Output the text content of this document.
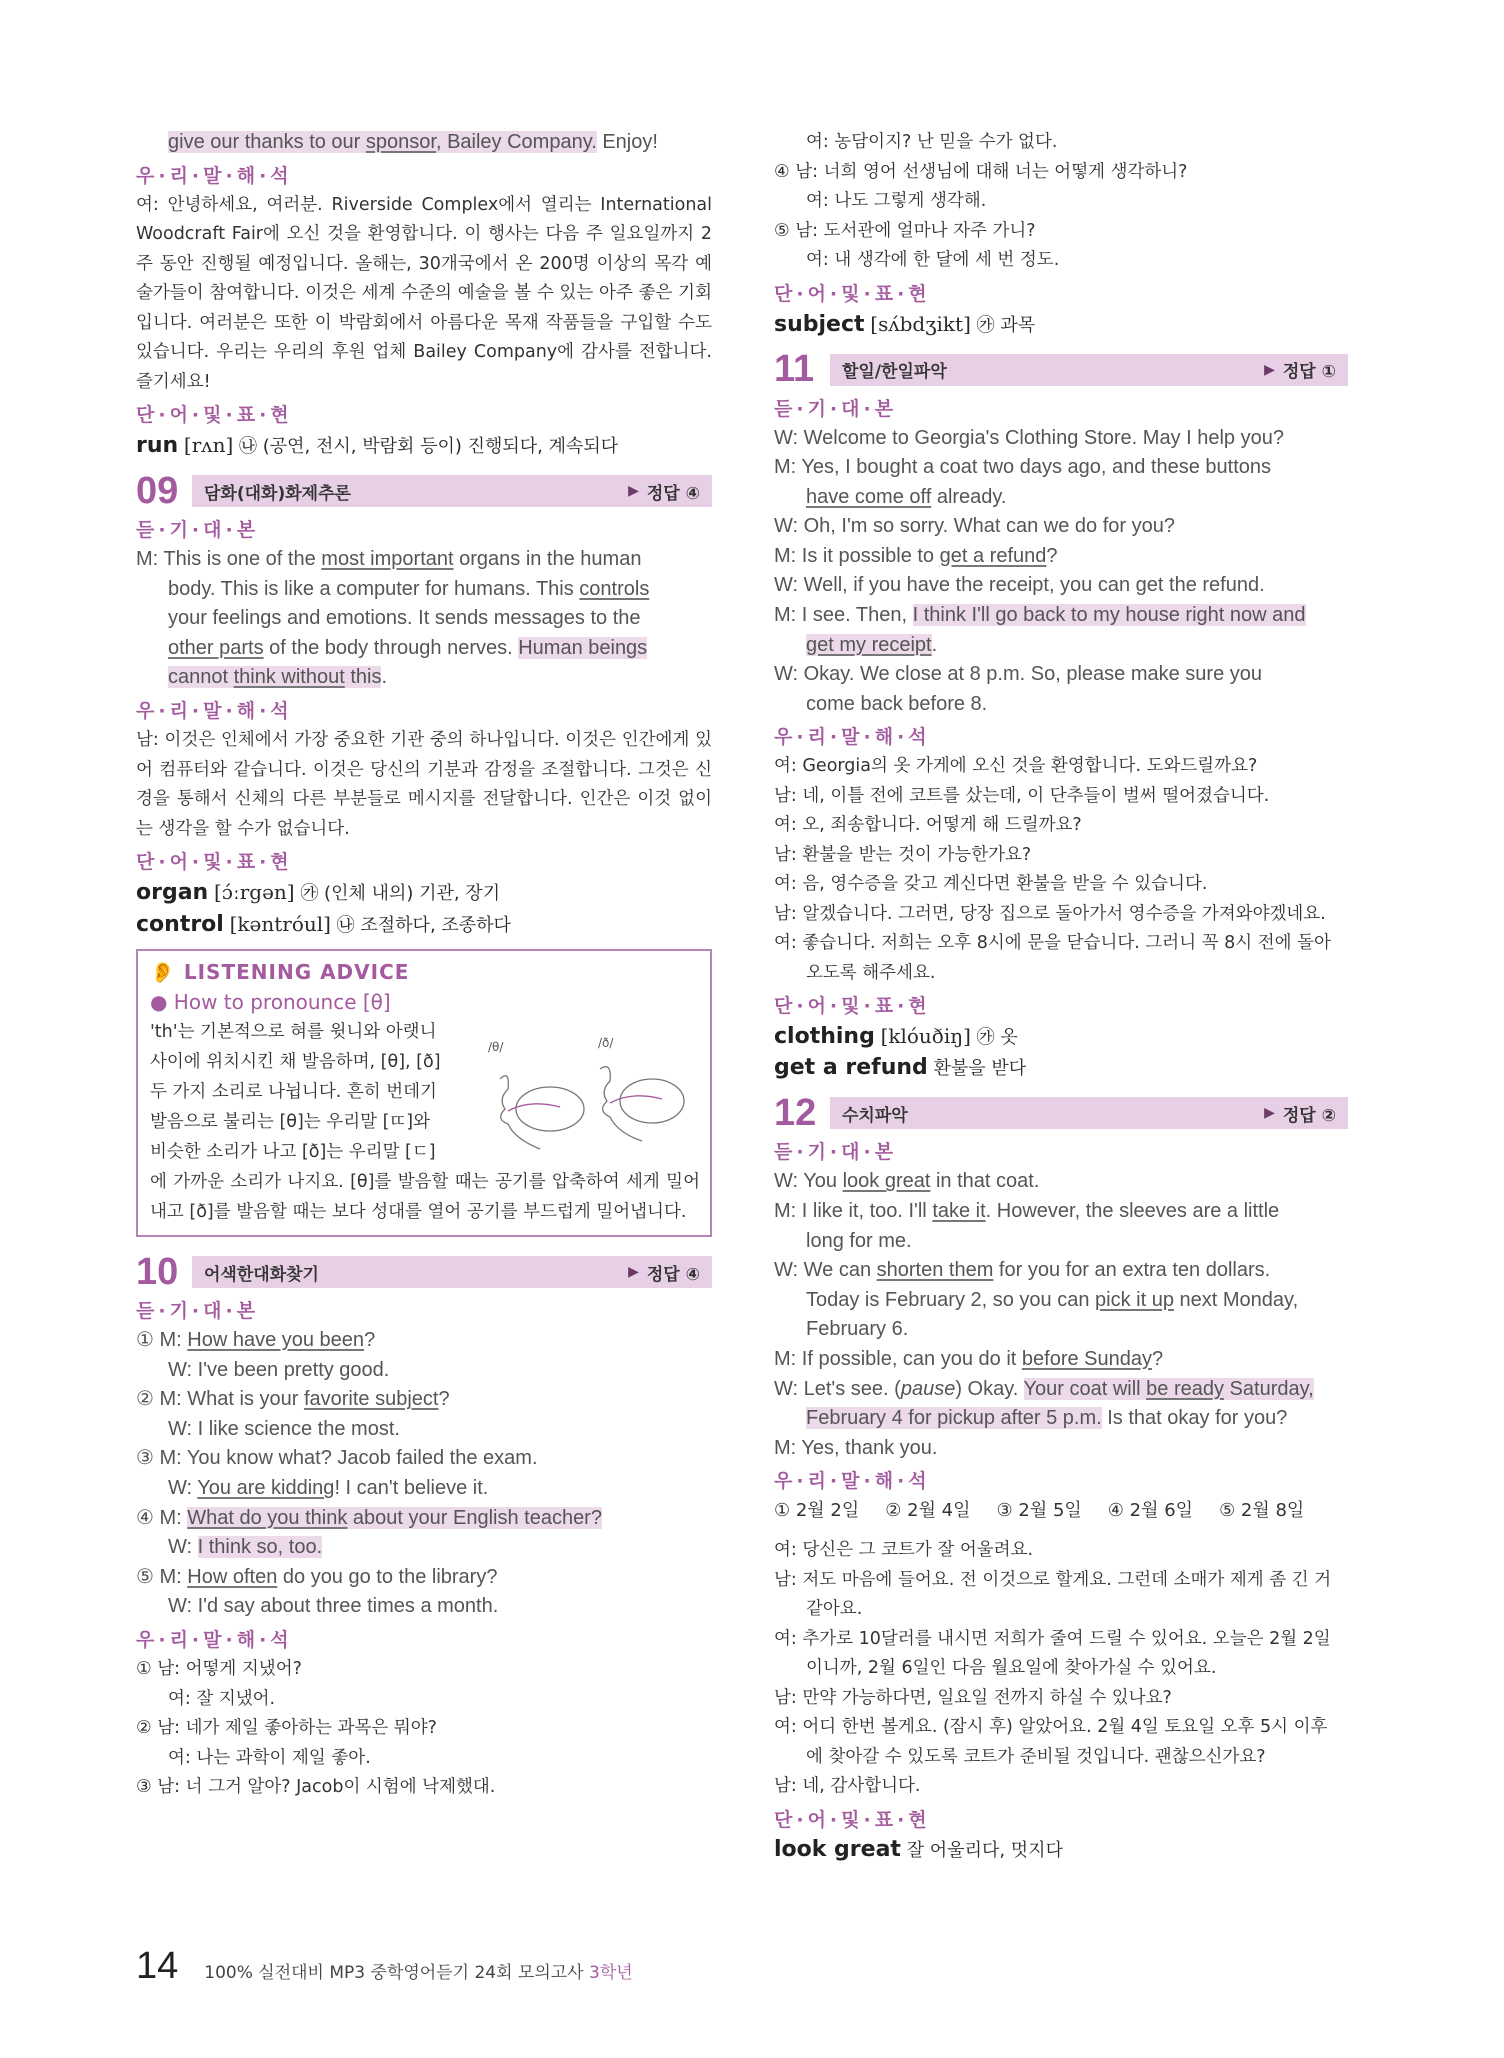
give our thanks to our sponsor, Bailey Company. Enjoy!
우·리·말·해·석
여: 안녕하세요, 여러분. Riverside Complex에서 열리는 International Woodcraft Fair에 오신 것을 환영합니다. 이 행사는 다음 주 일요일까지 2주 동안 진행될 예정입니다. 올해는, 30개국에서 온 200명 이상의 목각 예술가들이 참여합니다. 이것은 세계 수준의 예술을 볼 수 있는 아주 좋은 기회입니다. 여러분은 또한 이 박람회에서 아름다운 목재 작품들을 구입할 수도 있습니다. 우리는 우리의 후원 업체 Bailey Company에 감사를 전합니다. 즐기세요!
단·어·및·표·현
run [rʌn] ㉯ (공연, 전시, 박람회 등이) 진행되다, 계속되다
09	담화(대화)화제추론	▶ 정답 ④
듣·기·대·본
M: This is one of the most important organs in the human
body. This is like a computer for humans. This controls
your feelings and emotions. It sends messages to the
other parts of the body through nerves. Human beings
cannot think without this.
우·리·말·해·석
남: 이것은 인체에서 가장 중요한 기관 중의 하나입니다. 이것은 인간에게 있어 컴퓨터와 같습니다. 이것은 당신의 기분과 감정을 조절합니다. 그것은 신경을 통해서 신체의 다른 부분들로 메시지를 전달합니다. 인간은 이것 없이는 생각을 할 수가 없습니다.
단·어·및·표·현
organ [ɔ́ːrgən] ㉮ (인체 내의) 기관, 장기
control [kəntróul] ㉯ 조절하다, 조종하다
👂 LISTENING ADVICE
● How to pronounce [θ]
'th'는 기본적으로 혀를 윗니와 아랫니
사이에 위치시킨 채 발음하며, [θ], [ð]
두 가지 소리로 나뉩니다. 흔히 번데기
발음으로 불리는 [θ]는 우리말 [ㄸ]와
비슷한 소리가 나고 [ð]는 우리말 [ㄷ]
에 가까운 소리가 나지요. [θ]를 발음할 때는 공기를 압축하여 세게 밀어내고 [ð]를 발음할 때는 보다 성대를 열어 공기를 부드럽게 밀어냅니다.
/θ/	/ð/
10	어색한대화찾기	▶ 정답 ④
듣·기·대·본
① M: How have you been?
W: I've been pretty good.
② M: What is your favorite subject?
W: I like science the most.
③ M: You know what? Jacob failed the exam.
W: You are kidding! I can't believe it.
④ M: What do you think about your English teacher?
W: I think so, too.
⑤ M: How often do you go to the library?
W: I'd say about three times a month.
우·리·말·해·석
① 남: 어떻게 지냈어?
여: 잘 지냈어.
② 남: 네가 제일 좋아하는 과목은 뭐야?
여: 나는 과학이 제일 좋아.
③ 남: 너 그거 알아? Jacob이 시험에 낙제했대.
여: 농담이지? 난 믿을 수가 없다.
④ 남: 너희 영어 선생님에 대해 너는 어떻게 생각하니?
여: 나도 그렇게 생각해.
⑤ 남: 도서관에 얼마나 자주 가니?
여: 내 생각에 한 달에 세 번 정도.
단·어·및·표·현
subject [sʌ́bdʒikt] ㉮ 과목
11	할일/한일파악	▶ 정답 ①
듣·기·대·본
W: Welcome to Georgia's Clothing Store. May I help you?
M: Yes, I bought a coat two days ago, and these buttons
have come off already.
W: Oh, I'm so sorry. What can we do for you?
M: Is it possible to get a refund?
W: Well, if you have the receipt, you can get the refund.
M: I see. Then, I think I'll go back to my house right now and
get my receipt.
W: Okay. We close at 8 p.m. So, please make sure you
come back before 8.
우·리·말·해·석
여: Georgia의 옷 가게에 오신 것을 환영합니다. 도와드릴까요?
남: 네, 이틀 전에 코트를 샀는데, 이 단추들이 벌써 떨어졌습니다.
여: 오, 죄송합니다. 어떻게 해 드릴까요?
남: 환불을 받는 것이 가능한가요?
여: 음, 영수증을 갖고 계신다면 환불을 받을 수 있습니다.
남: 알겠습니다. 그러면, 당장 집으로 돌아가서 영수증을 가져와야겠네요.
여: 좋습니다. 저희는 오후 8시에 문을 닫습니다. 그러니 꼭 8시 전에 돌아
오도록 해주세요.
단·어·및·표·현
clothing [klóuðiŋ] ㉮ 옷
get a refund 환불을 받다
12	수치파악	▶ 정답 ②
듣·기·대·본
W: You look great in that coat.
M: I like it, too. I'll take it. However, the sleeves are a little
long for me.
W: We can shorten them for you for an extra ten dollars.
Today is February 2, so you can pick it up next Monday,
February 6.
M: If possible, can you do it before Sunday?
W: Let's see. (pause) Okay. Your coat will be ready Saturday,
February 4 for pickup after 5 p.m. Is that okay for you?
M: Yes, thank you.
우·리·말·해·석
① 2월 2일 ② 2월 4일 ③ 2월 5일 ④ 2월 6일 ⑤ 2월 8일
여: 당신은 그 코트가 잘 어울려요.
남: 저도 마음에 들어요. 전 이것으로 할게요. 그런데 소매가 제게 좀 긴 거
같아요.
여: 추가로 10달러를 내시면 저희가 줄여 드릴 수 있어요. 오늘은 2월 2일
이니까, 2월 6일인 다음 월요일에 찾아가실 수 있어요.
남: 만약 가능하다면, 일요일 전까지 하실 수 있나요?
여: 어디 한번 볼게요. (잠시 후) 알았어요. 2월 4일 토요일 오후 5시 이후
에 찾아갈 수 있도록 코트가 준비될 것입니다. 괜찮으신가요?
남: 네, 감사합니다.
단·어·및·표·현
look great 잘 어울리다, 멋지다
14 100% 실전대비 MP3 중학영어듣기 24회 모의고사 3학년
